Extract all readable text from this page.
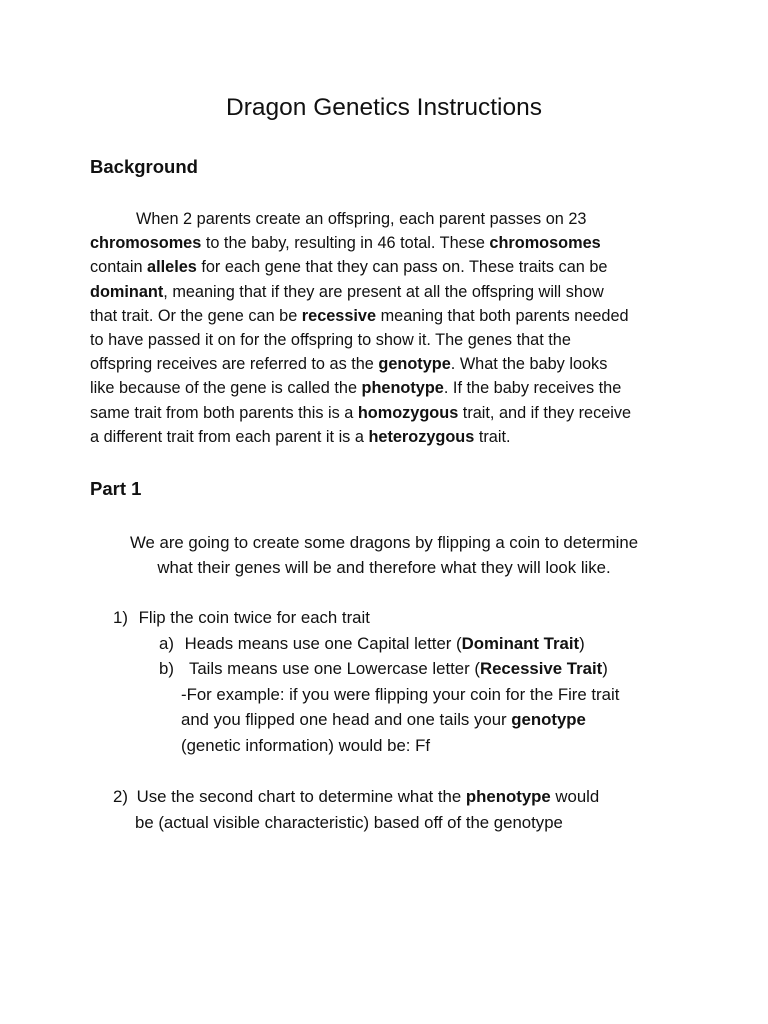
Dragon Genetics Instructions
Background
When 2 parents create an offspring, each parent passes on 23
chromosomes to the baby, resulting in 46 total. These chromosomes
contain alleles for each gene that they can pass on. These traits can be
dominant, meaning that if they are present at all the offspring will show
that trait. Or the gene can be recessive meaning that both parents needed
to have passed it on for the offspring to show it. The genes that the
offspring receives are referred to as the genotype. What the baby looks
like because of the gene is called the phenotype. If the baby receives the
same trait from both parents this is a homozygous trait, and if they receive
a different trait from each parent it is a heterozygous trait.
Part 1
We are going to create some dragons by flipping a coin to determine
what their genes will be and therefore what they will look like.
1) Flip the coin twice for each trait
a) Heads means use one Capital letter (Dominant Trait)
b)  Tails means use one Lowercase letter (Recessive Trait)
-For example: if you were flipping your coin for the Fire trait
and you flipped one head and one tails your genotype
(genetic information) would be: Ff
2) Use the second chart to determine what the phenotype would
be (actual visible characteristic) based off of the genotype
